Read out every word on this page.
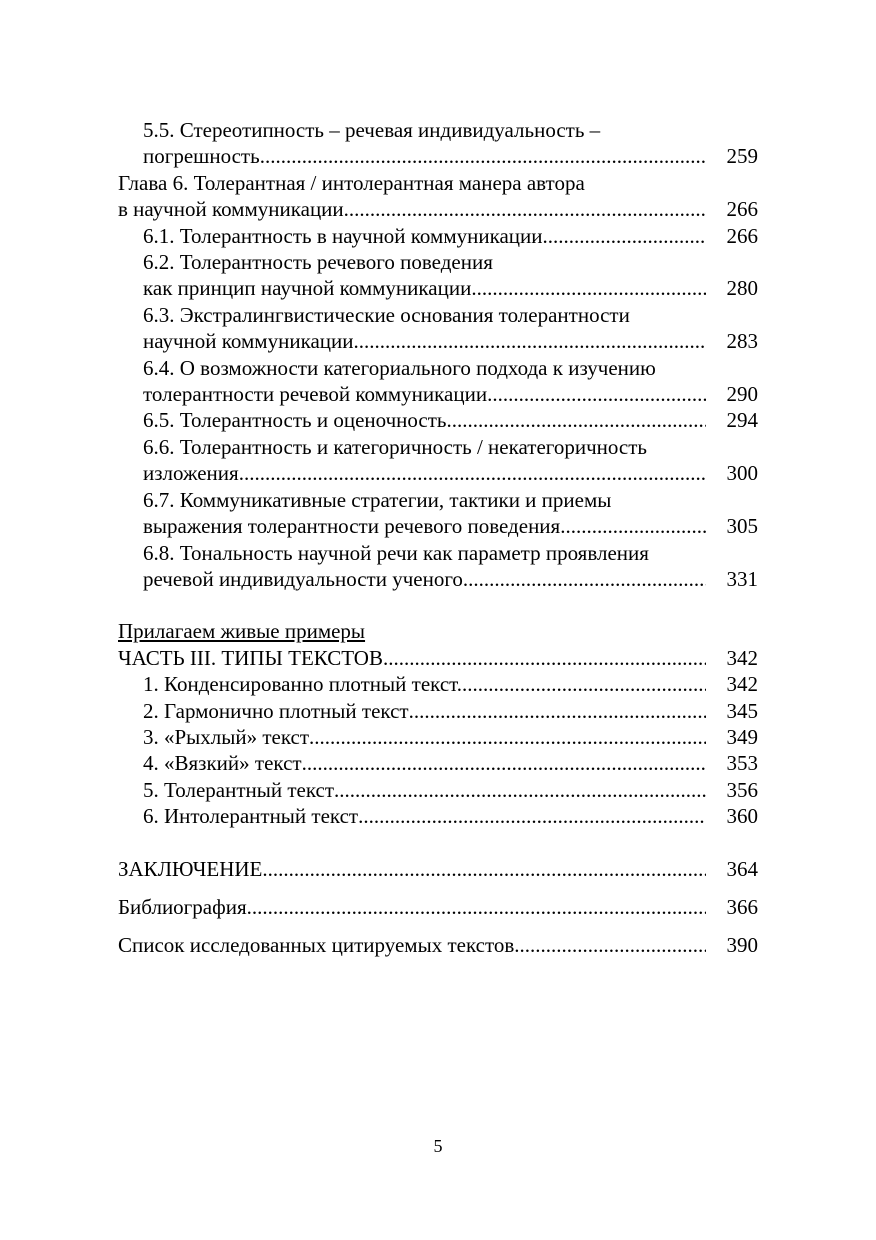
5.5. Стереотипность – речевая индивидуальность –
погрешность .....	259
Глава 6. Толерантная / интолерантная манера автора
в научной коммуникации .....	266
6.1. Толерантность в научной коммуникации .....	266
6.2. Толерантность речевого поведения
как принцип научной коммуникации .....	280
6.3. Экстралингвистические основания толерантности
научной коммуникации .....	283
6.4. О возможности категориального подхода к изучению
толерантности речевой коммуникации .....	290
6.5. Толерантность и оценочность .....	294
6.6. Толерантность и категоричность / некатегоричность
изложения .....	300
6.7. Коммуникативные стратегии, тактики и приемы
выражения толерантности речевого поведения .....	305
6.8. Тональность научной речи как параметр проявления
речевой индивидуальности ученого .....	331
Прилагаем живые примеры
ЧАСТЬ III. ТИПЫ ТЕКСТОВ .....	342
1. Конденсированно плотный текст. .....	342
2. Гармонично плотный текст .....	345
3. «Рыхлый» текст .....	349
4. «Вязкий» текст .....	353
5. Толерантный текст .....	356
6. Интолерантный текст .....	360
ЗАКЛЮЧЕНИЕ .....	364
Библиография .....	366
Список исследованных цитируемых текстов .....	390
5
